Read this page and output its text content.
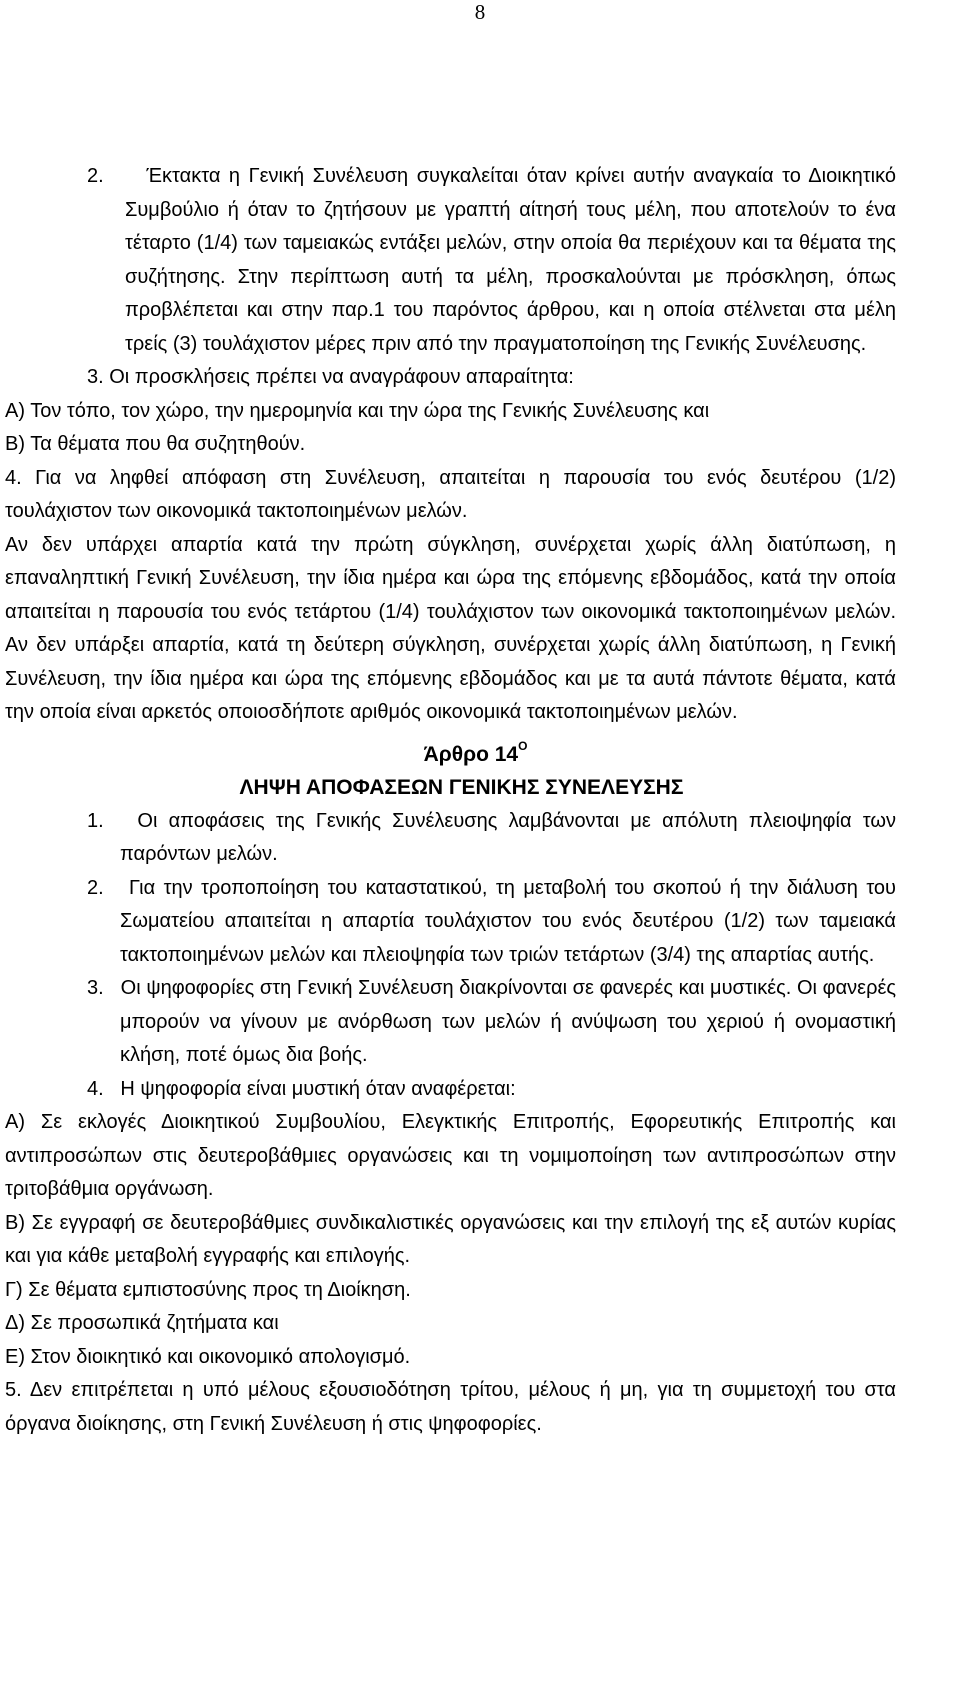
8

2. Έκτακτα η Γενική Συνέλευση συγκαλείται όταν κρίνει αυτήν αναγκαία το Διοικητικό Συμβούλιο ή όταν το ζητήσουν με γραπτή αίτησή τους μέλη, που αποτελούν το ένα τέταρτο (1/4) των ταμειακώς εντάξει μελών, στην οποία θα περιέχουν και τα θέματα της συζήτησης. Στην περίπτωση αυτή τα μέλη, προσκαλούνται με πρόσκληση, όπως προβλέπεται και στην παρ.1 του παρόντος άρθρου, και η οποία στέλνεται στα μέλη τρείς (3) τουλάχιστον μέρες πριν από την πραγματοποίηση της Γενικής Συνέλευσης.

3. Οι προσκλήσεις πρέπει να αναγράφουν απαραίτητα:

Α) Τον τόπο, τον χώρο, την ημερομηνία και την ώρα της Γενικής Συνέλευσης και

Β) Τα θέματα που θα συζητηθούν.

4. Για να ληφθεί απόφαση στη Συνέλευση, απαιτείται η παρουσία του ενός δευτέρου (1/2) τουλάχιστον των οικονομικά τακτοποιημένων μελών.

Αν δεν υπάρχει απαρτία κατά την πρώτη σύγκληση, συνέρχεται χωρίς άλλη διατύπωση, η επαναληπτική Γενική Συνέλευση, την ίδια ημέρα και ώρα της επόμενης εβδομάδος, κατά την οποία απαιτείται η παρουσία του ενός τετάρτου (1/4) τουλάχιστον των οικονομικά τακτοποιημένων μελών. Αν δεν υπάρξει απαρτία, κατά τη δεύτερη σύγκληση, συνέρχεται χωρίς άλλη διατύπωση, η Γενική Συνέλευση, την ίδια ημέρα και ώρα της επόμενης εβδομάδος και με τα αυτά πάντοτε θέματα, κατά την οποία είναι αρκετός οποιοσδήποτε αριθμός οικονομικά τακτοποιημένων μελών.

Άρθρο $14^O$

ΛΗΨΗ ΑΠΟΦΑΣΕΩΝ ΓΕΝΙΚΗΣ ΣΥΝΕΛΕΥΣΗΣ

1. Οι αποφάσεις της Γενικής Συνέλευσης λαμβάνονται με απόλυτη πλειοψηφία των παρόντων μελών.

2. Για την τροποποίηση του καταστατικού, τη μεταβολή του σκοπού ή την διάλυση του Σωματείου απαιτείται η απαρτία τουλάχιστον του ενός δευτέρου (1/2) των ταμειακά τακτοποιημένων μελών και πλειοψηφία των τριών τετάρτων (3/4) της απαρτίας αυτής.

3. Οι ψηφοφορίες στη Γενική Συνέλευση διακρίνονται σε φανερές και μυστικές. Οι φανερές μπορούν να γίνουν με ανόρθωση των μελών ή ανύψωση του χεριού ή ονομαστική κλήση, ποτέ όμως δια βοής.

4. Η ψηφοφορία είναι μυστική όταν αναφέρεται:

Α) Σε εκλογές Διοικητικού Συμβουλίου, Ελεγκτικής Επιτροπής, Εφορευτικής Επιτροπής και αντιπροσώπων στις δευτεροβάθμιες οργανώσεις και τη νομιμοποίηση των αντιπροσώπων στην τριτοβάθμια οργάνωση.

Β) Σε εγγραφή σε δευτεροβάθμιες συνδικαλιστικές οργανώσεις και την επιλογή της εξ αυτών κυρίας και για κάθε μεταβολή εγγραφής και επιλογής.

Γ) Σε θέματα εμπιστοσύνης προς τη Διοίκηση.

Δ) Σε προσωπικά ζητήματα και

Ε) Στον διοικητικό και οικονομικό απολογισμό.

5. Δεν επιτρέπεται η υπό μέλους εξουσιοδότηση τρίτου, μέλους ή μη, για τη συμμετοχή του στα όργανα διοίκησης, στη Γενική Συνέλευση ή στις ψηφοφορίες.
